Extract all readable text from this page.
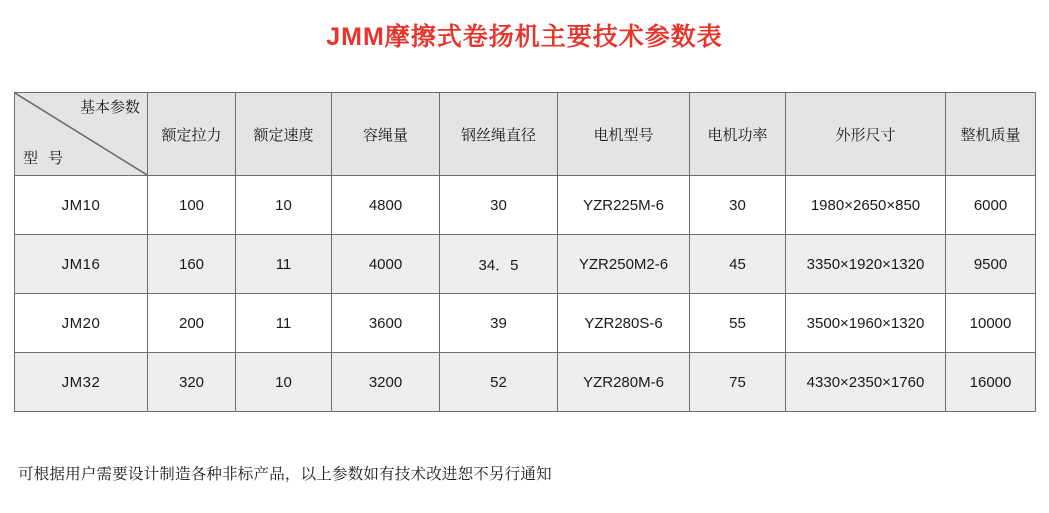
JMM摩擦式卷扬机主要技术参数表
基本参数
型 号	额定拉力	额定速度	容绳量	钢丝绳直径	电机型号	电机功率	外形尺寸	整机质量
JM10	100	10	4800	30	YZR225M-6	30	1980×2650×850	6000
JM16	160	11	4000	34．5	YZR250M2-6	45	3350×1920×1320	9500
JM20	200	11	3600	39	YZR280S-6	55	3500×1960×1320	10000
JM32	320	10	3200	52	YZR280M-6	75	4330×2350×1760	16000
可根据用户需要设计制造各种非标产品，以上参数如有技术改进恕不另行通知
